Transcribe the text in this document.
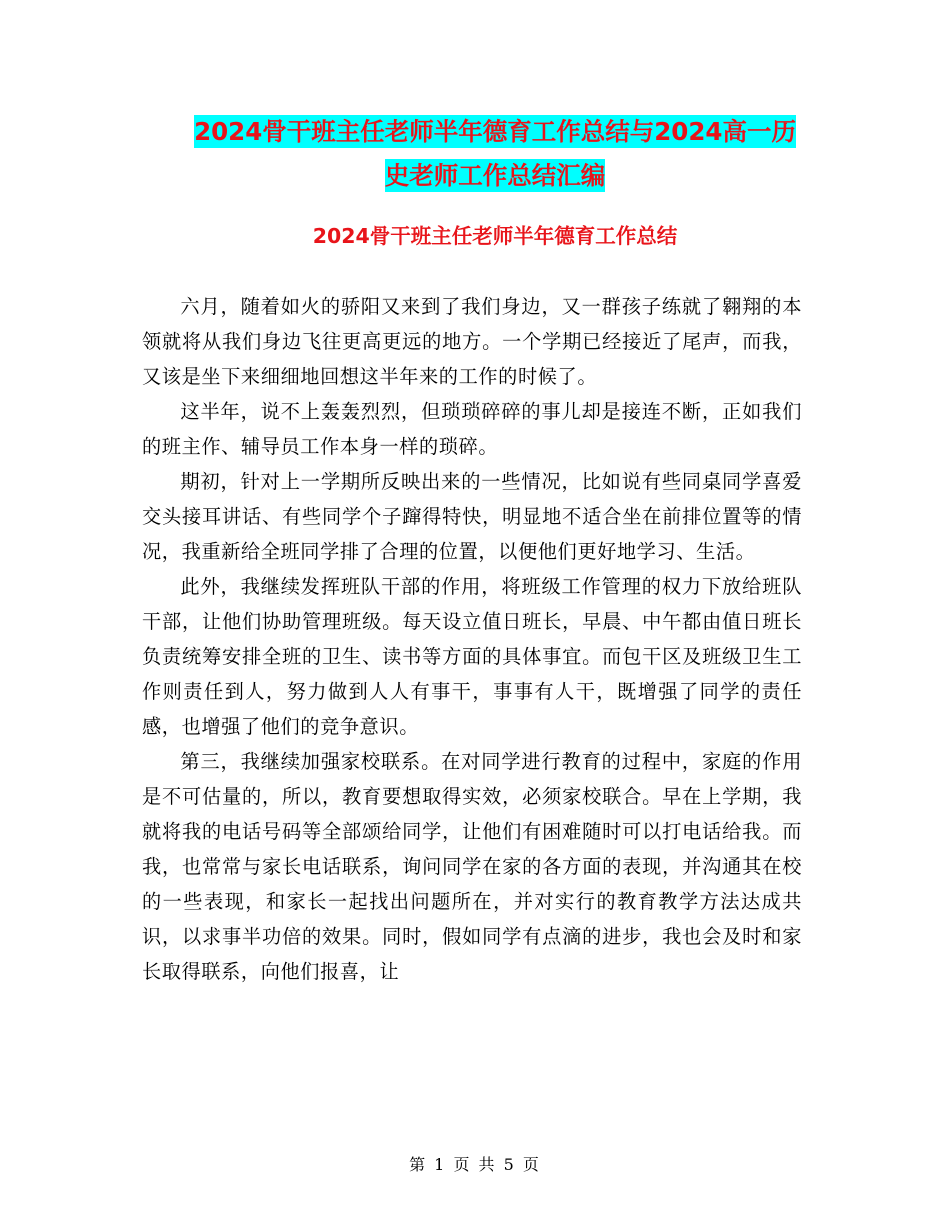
2024骨干班主任老师半年德育工作总结与2024高一历
史老师工作总结汇编
2024骨干班主任老师半年德育工作总结

六月，随着如火的骄阳又来到了我们身边，又一群孩子练就了翱翔的本领就将从我们身边飞往更高更远的地方。一个学期已经接近了尾声，而我，又该是坐下来细细地回想这半年来的工作的时候了。

这半年，说不上轰轰烈烈，但琐琐碎碎的事儿却是接连不断，正如我们的班主作、辅导员工作本身一样的琐碎。

期初，针对上一学期所反映出来的一些情况，比如说有些同桌同学喜爱交头接耳讲话、有些同学个子蹿得特快，明显地不适合坐在前排位置等的情况，我重新给全班同学排了合理的位置，以便他们更好地学习、生活。

此外，我继续发挥班队干部的作用，将班级工作管理的权力下放给班队干部，让他们协助管理班级。每天设立值日班长，早晨、中午都由值日班长负责统筹安排全班的卫生、读书等方面的具体事宜。而包干区及班级卫生工作则责任到人，努力做到人人有事干，事事有人干，既增强了同学的责任感，也增强了他们的竞争意识。

第三，我继续加强家校联系。在对同学进行教育的过程中，家庭的作用是不可估量的，所以，教育要想取得实效，必须家校联合。早在上学期，我就将我的电话号码等全部颂给同学，让他们有困难随时可以打电话给我。而我，也常常与家长电话联系，询问同学在家的各方面的表现，并沟通其在校的一些表现，和家长一起找出问题所在，并对实行的教育教学方法达成共识，以求事半功倍的效果。同时，假如同学有点滴的进步，我也会及时和家长取得联系，向他们报喜，让

第 1 页 共 5 页
